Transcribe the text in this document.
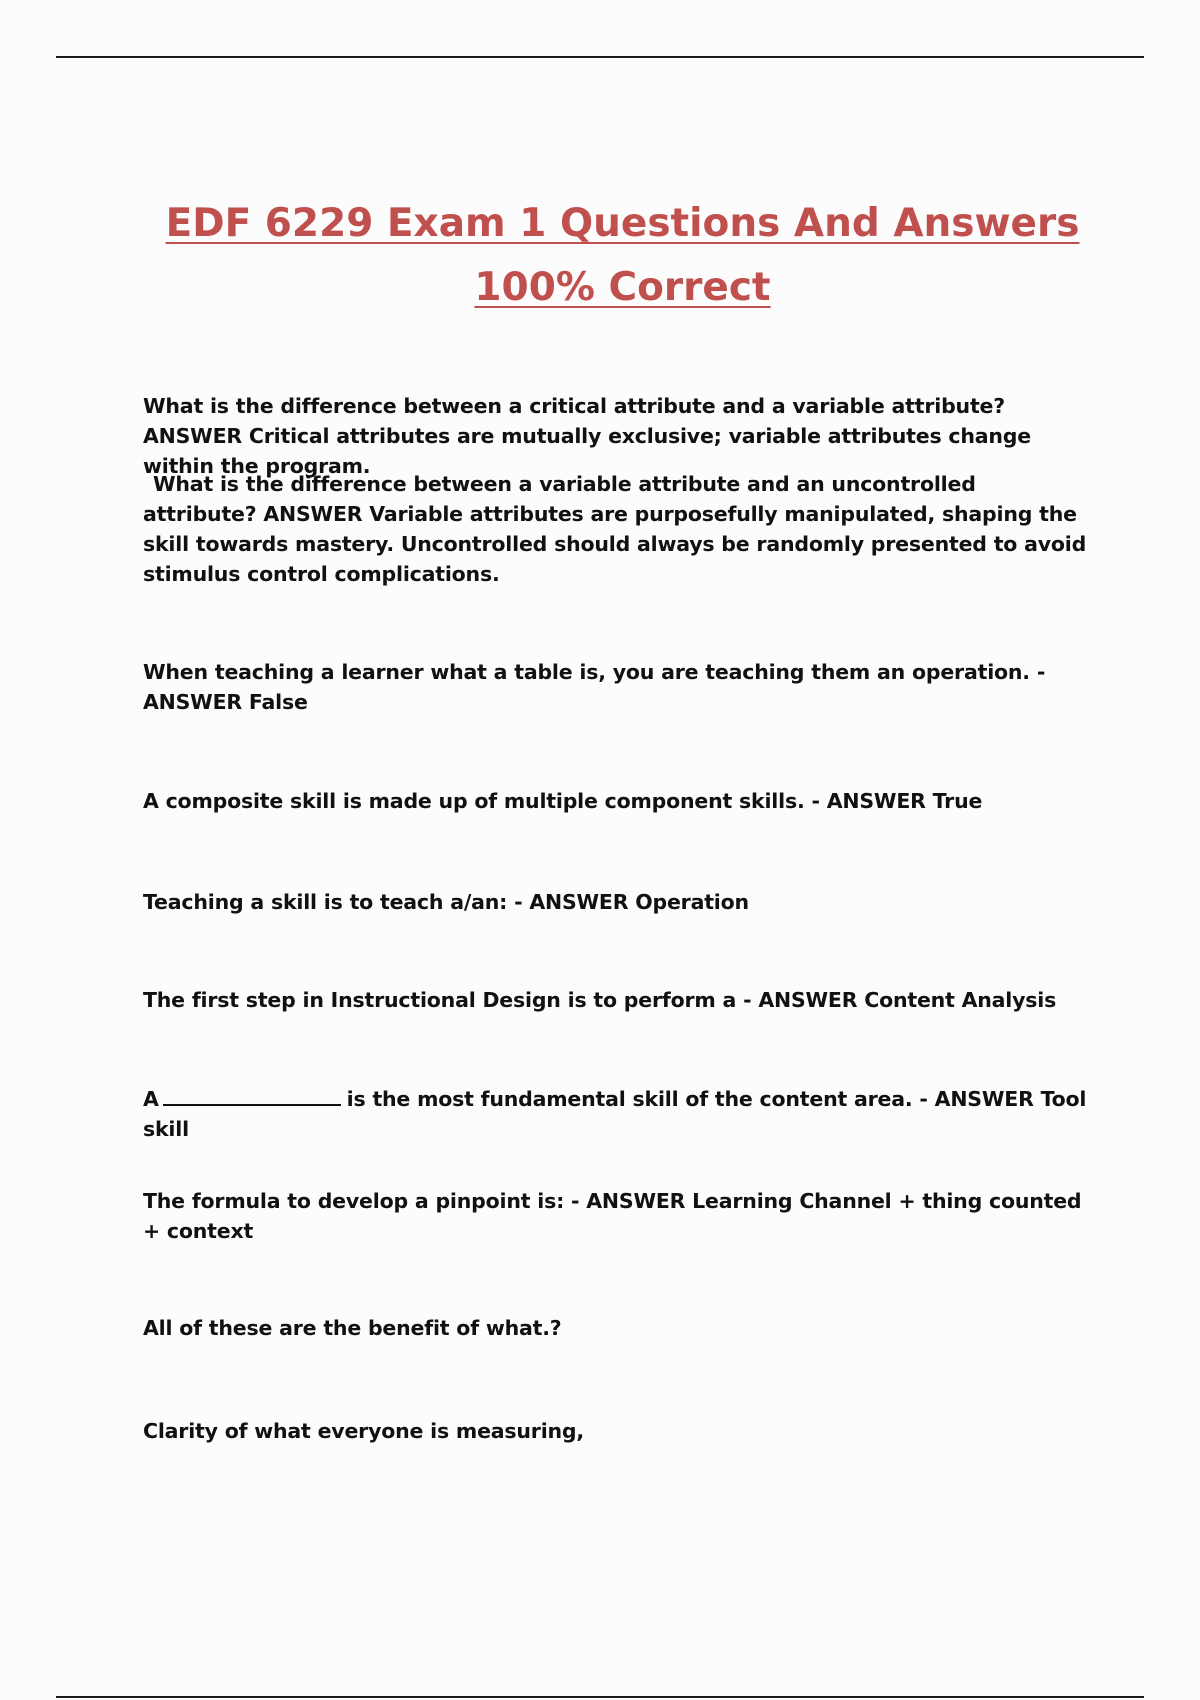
EDF 6229 Exam 1 Questions And Answers
100% Correct

What is the difference between a critical attribute and a variable attribute? ANSWER Critical attributes are mutually exclusive; variable attributes change within the program.

What is the difference between a variable attribute and an uncontrolled attribute? ANSWER Variable attributes are purposefully manipulated, shaping the skill towards mastery. Uncontrolled should always be randomly presented to avoid stimulus control complications.

When teaching a learner what a table is, you are teaching them an operation. - ANSWER False

A composite skill is made up of multiple component skills. - ANSWER True

Teaching a skill is to teach a/an: - ANSWER Operation

The first step in Instructional Design is to perform a - ANSWER Content Analysis

A	is the most fundamental skill of the content area. - ANSWER Tool skill

The formula to develop a pinpoint is: - ANSWER Learning Channel + thing counted + context

All of these are the benefit of what.?

Clarity of what everyone is measuring,
